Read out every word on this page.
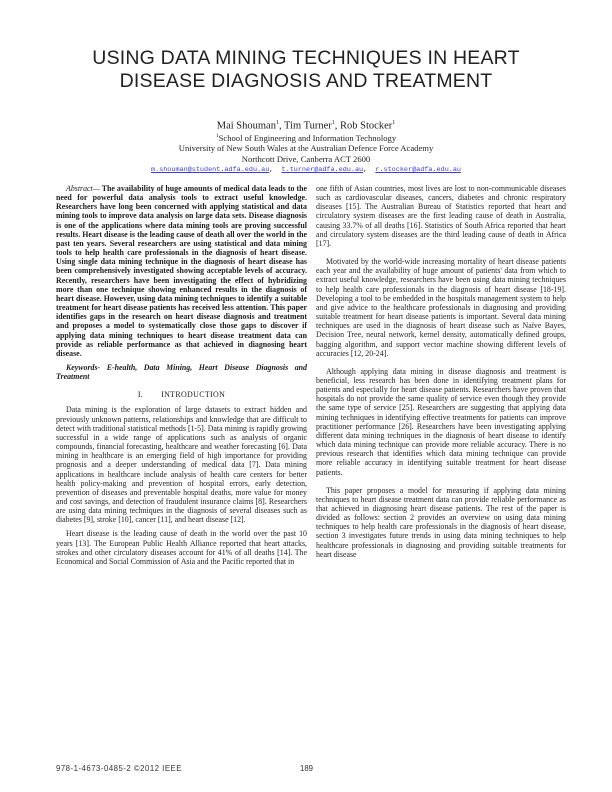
USING DATA MINING TECHNIQUES IN HEART
DISEASE DIAGNOSIS AND TREATMENT
Mai Shouman$^1$, Tim Turner$^1$, Rob Stocker$^1$
$^1$School of Engineering and Information Technology
University of New South Wales at the Australian Defence Force Academy
Northcott Drive, Canberra ACT 2600
m.shouman@student.adfa.edu.au,  t.turner@adfa.edu.au,  r.stocker@adfa.edu.au

Abstract— The availability of huge amounts of medical data leads to the need for powerful data analysis tools to extract useful knowledge. Researchers have long been concerned with applying statistical and data mining tools to improve data analysis on large data sets. Disease diagnosis is one of the applications where data mining tools are proving successful results. Heart disease is the leading cause of death all over the world in the past ten years. Several researchers are using statistical and data mining tools to help health care professionals in the diagnosis of heart disease. Using single data mining technique in the diagnosis of heart disease has been comprehensively investigated showing acceptable levels of accuracy. Recently, researchers have been investigating the effect of hybridizing more than one technique showing enhanced results in the diagnosis of heart disease. However, using data mining techniques to identify a suitable treatment for heart disease patients has received less attention. This paper identifies gaps in the research on heart disease diagnosis and treatment and proposes a model to systematically close those gaps to discover if applying data mining techniques to heart disease treatment data can provide as reliable performance as that achieved in diagnosing heart disease.

Keywords- E-health, Data Mining, Heart Disease Diagnosis and Treatment

I. INTRODUCTION

Data mining is the exploration of large datasets to extract hidden and previously unknown patterns, relationships and knowledge that are difficult to detect with traditional statistical methods [1-5]. Data mining is rapidly growing successful in a wide range of applications such as analysis of organic compounds, financial forecasting, healthcare and weather forecasting [6]. Data mining in healthcare is an emerging field of high importance for providing prognosis and a deeper understanding of medical data [7]. Data mining applications in healthcare include analysis of health care centers for better health policy-making and prevention of hospital errors, early detection, prevention of diseases and preventable hospital deaths, more value for money and cost savings, and detection of fraudulent insurance claims [8]. Researchers are using data mining techniques in the diagnosis of several diseases such as diabetes [9], stroke [10], cancer [11], and heart disease [12].

Heart disease is the leading cause of death in the world over the past 10 years [13]. The European Public Health Alliance reported that heart attacks, strokes and other circulatory diseases account for 41% of all deaths [14]. The Economical and Social Commission of Asia and the Pacific reported that in

one fifth of Asian countries, most lives are lost to non-communicable diseases such as cardiovascular diseases, cancers, diabetes and chronic respiratory diseases [15]. The Australian Bureau of Statistics reported that heart and circulatory system diseases are the first leading cause of death in Australia, causing 33.7% of all deaths [16]. Statistics of South Africa reported that heart and circulatory system diseases are the third leading cause of death in Africa [17].

Motivated by the world-wide increasing mortality of heart disease patients each year and the availability of huge amount of patients' data from which to extract useful knowledge, researchers have been using data mining techniques to help health care professionals in the diagnosis of heart disease [18-19]. Developing a tool to be embedded in the hospitals management system to help and give advice to the healthcare professionals in diagnosing and providing suitable treatment for heart disease patients is important. Several data mining techniques are used in the diagnosis of heart disease such as Naïve Bayes, Decision Tree, neural network, kernel density, automatically defined groups, bagging algorithm, and support vector machine showing different levels of accuracies [12, 20-24].

Although applying data mining in disease diagnosis and treatment is beneficial, less research has been done in identifying treatment plans for patients and especially for heart disease patients. Researchers have proven that hospitals do not provide the same quality of service even though they provide the same type of service [25]. Researchers are suggesting that applying data mining techniques in identifying effective treatments for patients can improve practitioner performance [26]. Researchers have been investigating applying different data mining techniques in the diagnosis of heart disease to identify which data mining technique can provide more reliable accuracy. There is no previous research that identifies which data mining technique can provide more reliable accuracy in identifying suitable treatment for heart disease patients.

This paper proposes a model for measuring if applying data mining techniques to heart disease treatment data can provide reliable performance as that achieved in diagnosing heart disease patients. The rest of the paper is divided as follows: section 2 provides an overview on using data mining techniques to help health care professionals in the diagnosis of heart disease, section 3 investigates future trends in using data mining techniques to help healthcare professionals in diagnosing and providing suitable treatments for heart disease

978-1-4673-0485-2 ©2012 IEEE	189
